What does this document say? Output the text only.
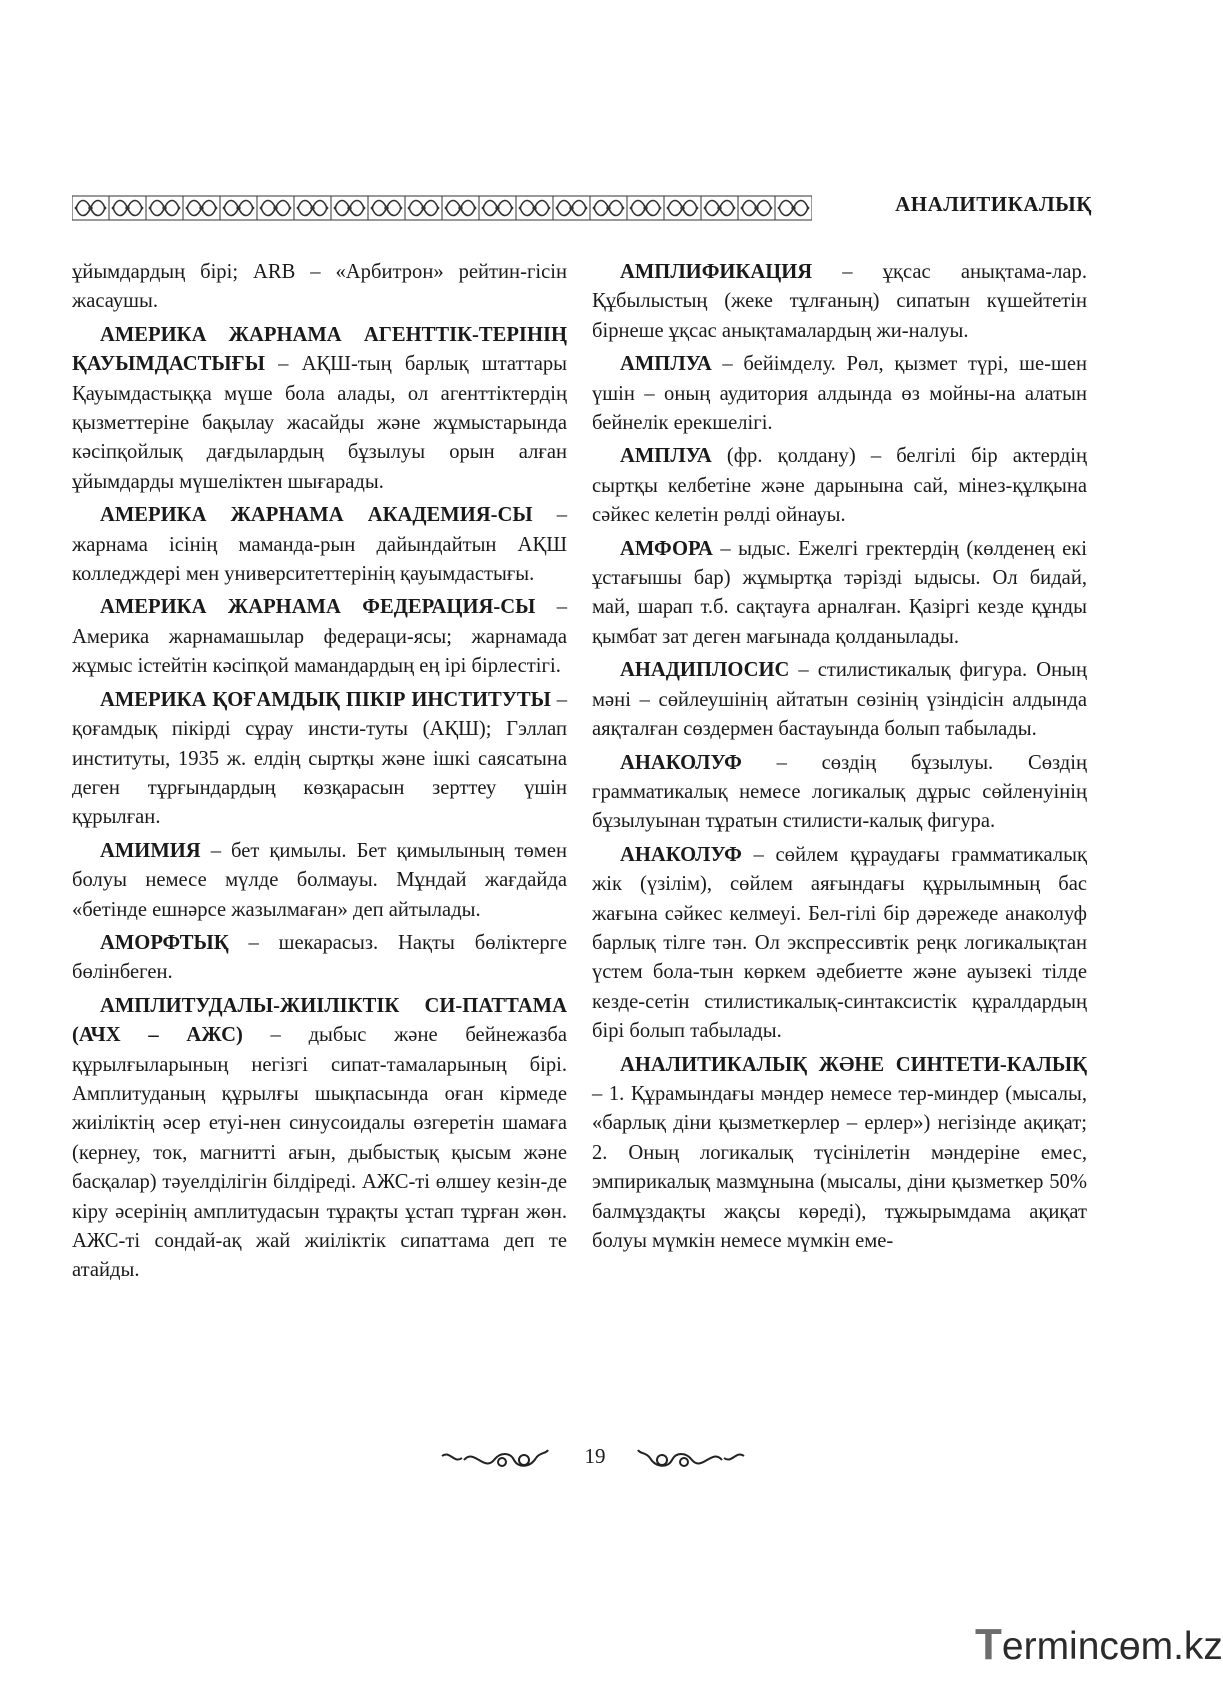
АНАЛИТИКАЛЫҚ

ұйымдардың бірі; ARB – «Арбитрон» рейтин-гісін жасаушы.

АМЕРИКА ЖАРНАМА АГЕНТТІК-ТЕРІНІҢ ҚАУЫМДАСТЫҒЫ – АҚШ-тың барлық штаттары Қауымдастыққа мүше бола алады, ол агенттіктердің қызметтеріне бақылау жасайды және жұмыстарында кәсіпқойлық дағдылардың бұзылуы орын алған ұйымдарды мүшеліктен шығарады.

АМЕРИКА ЖАРНАМА АКАДЕМИЯ-СЫ – жарнама ісінің маманда-рын дайындайтын АҚШ колледждері мен университеттерінің қауымдастығы.

АМЕРИКА ЖАРНАМА ФЕДЕРАЦИЯ-СЫ – Америка жарнамашылар федераци-ясы; жарнамада жұмыс істейтін кәсіпқой мамандардың ең ірі бірлестігі.

АМЕРИКА ҚОҒАМДЫҚ ПІКІР ИНСТИТУТЫ – қоғамдық пікірді сұрау инсти-туты (АҚШ); Гэллап институты, 1935 ж. елдің сыртқы және ішкі саясатына деген тұрғындардың көзқарасын зерттеу үшін құрылған.

АМИМИЯ – бет қимылы. Бет қимылының төмен болуы немесе мүлде болмауы. Мұндай жағдайда «бетінде ешнәрсе жазылмаған» деп айтылады.

АМОРФТЫҚ – шекарасыз. Нақты бөліктерге бөлінбеген.

АМПЛИТУДАЛЫ-ЖИІЛІКТІК СИ-ПАТТАМА (АЧХ – АЖС) – дыбыс және бейнежазба құрылғыларының негізгі сипат-тамаларының бірі. Амплитуданың құрылғы шықпасында оған кірмеде жиіліктің әсер етуі-нен синусоидалы өзгеретін шамаға (кернеу, ток, магнитті ағын, дыбыстық қысым және басқалар) тәуелділігін білдіреді. АЖС-ті өлшеу кезін-де кіру әсерінің амплитудасын тұрақты ұстап тұрған жөн. АЖС-ті сондай-ақ жай жиіліктік сипаттама деп те атайды.

АМПЛИФИКАЦИЯ – ұқсас анықтама-лар. Құбылыстың (жеке тұлғаның) сипатын күшейтетін бірнеше ұқсас анықтамалардың жи-налуы.

АМПЛУА – бейімделу. Рөл, қызмет түрі, ше-шен үшін – оның аудитория алдында өз мойны-на алатын бейнелік ерекшелігі.

АМПЛУА (фр. қолдану) – белгілі бір актердің сыртқы келбетіне және дарынына сай, мінез-құлқына сәйкес келетін рөлді ойнауы.

АМФОРА – ыдыс. Ежелгі гректердің (көлденең екі ұстағышы бар) жұмыртқа тәрізді ыдысы. Ол бидай, май, шарап т.б. сақтауға арналған. Қазіргі кезде құнды қымбат зат деген мағынада қолданылады.

АНАДИПЛОСИС – стилистикалық фигура. Оның мәні – сөйлеушінің айтатын сөзінің үзіндісін алдында аяқталған сөздермен бастауында болып табылады.

АНАКОЛУФ – сөздің бұзылуы. Сөздің грамматикалық немесе логикалық дұрыс сөйленуінің бұзылуынан тұратын стилисти-калық фигура.

АНАКОЛУФ – сөйлем құраудағы грамматикалық жік (үзілім), сөйлем аяғындағы құрылымның бас жағына сәйкес келмеуі. Бел-гілі бір дәрежеде анаколуф барлық тілге тән. Ол экспрессивтік реңк логикалықтан үстем бола-тын көркем әдебиетте және ауызекі тілде кезде-сетін стилистикалық-синтаксистік құралдардың бірі болып табылады.

АНАЛИТИКАЛЫҚ ЖӘНЕ СИНТЕТИ-КАЛЫҚ – 1. Құрамындағы мәндер немесе тер-миндер (мысалы, «барлық діни қызметкерлер – ерлер») негізінде ақиқат; 2. Оның логикалық түсінілетін мәндеріне емес, эмпирикалық мазмұнына (мысалы, діни қызметкер 50% балмұздақты жақсы көреді), тұжырымдама ақиқат болуы мүмкін немесе мүмкін еме-

19
Termincөm.kz
